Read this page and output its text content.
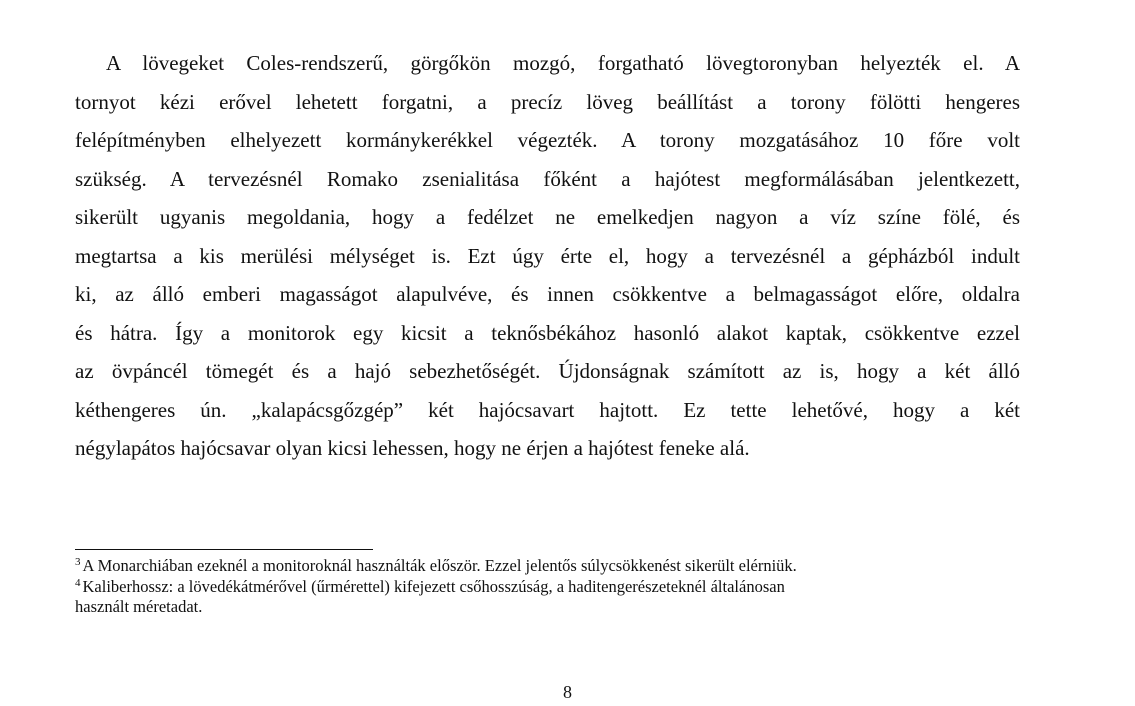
A lövegeket Coles-rendszerű, görgőkön mozgó, forgatható lövegtoronyban helyezték el. A
tornyot kézi erővel lehetett forgatni, a precíz löveg beállítást a torony fölötti hengeres
felépítményben elhelyezett kormánykerékkel végezték. A torony mozgatásához 10 főre volt
szükség. A tervezésnél Romako zsenialitása főként a hajótest megformálásában jelentkezett,
sikerült ugyanis megoldania, hogy a fedélzet ne emelkedjen nagyon a víz színe fölé, és
megtartsa a kis merülési mélységet is. Ezt úgy érte el, hogy a tervezésnél a gépházból indult
ki, az álló emberi magasságot alapulvéve, és innen csökkentve a belmagasságot előre, oldalra
és hátra. Így a monitorok egy kicsit a teknősbékához hasonló alakot kaptak, csökkentve ezzel
az övpáncél tömegét és a hajó sebezhetőségét. Újdonságnak számított az is, hogy a két álló
kéthengeres ún. „kalapácsgőzgép” két hajócsavart hajtott. Ez tette lehetővé, hogy a két
négylapátos hajócsavar olyan kicsi lehessen, hogy ne érjen a hajótest feneke alá.
$^3$ A Monarchiában ezeknél a monitoroknál használták először. Ezzel jelentős súlycsökkenést sikerült elérniük.
$^4$ Kaliberhossz: a lövedékátmérővel (űrmérettel) kifejezett csőhosszúság, a haditengerészeteknél általánosan
használt méretadat.
8
